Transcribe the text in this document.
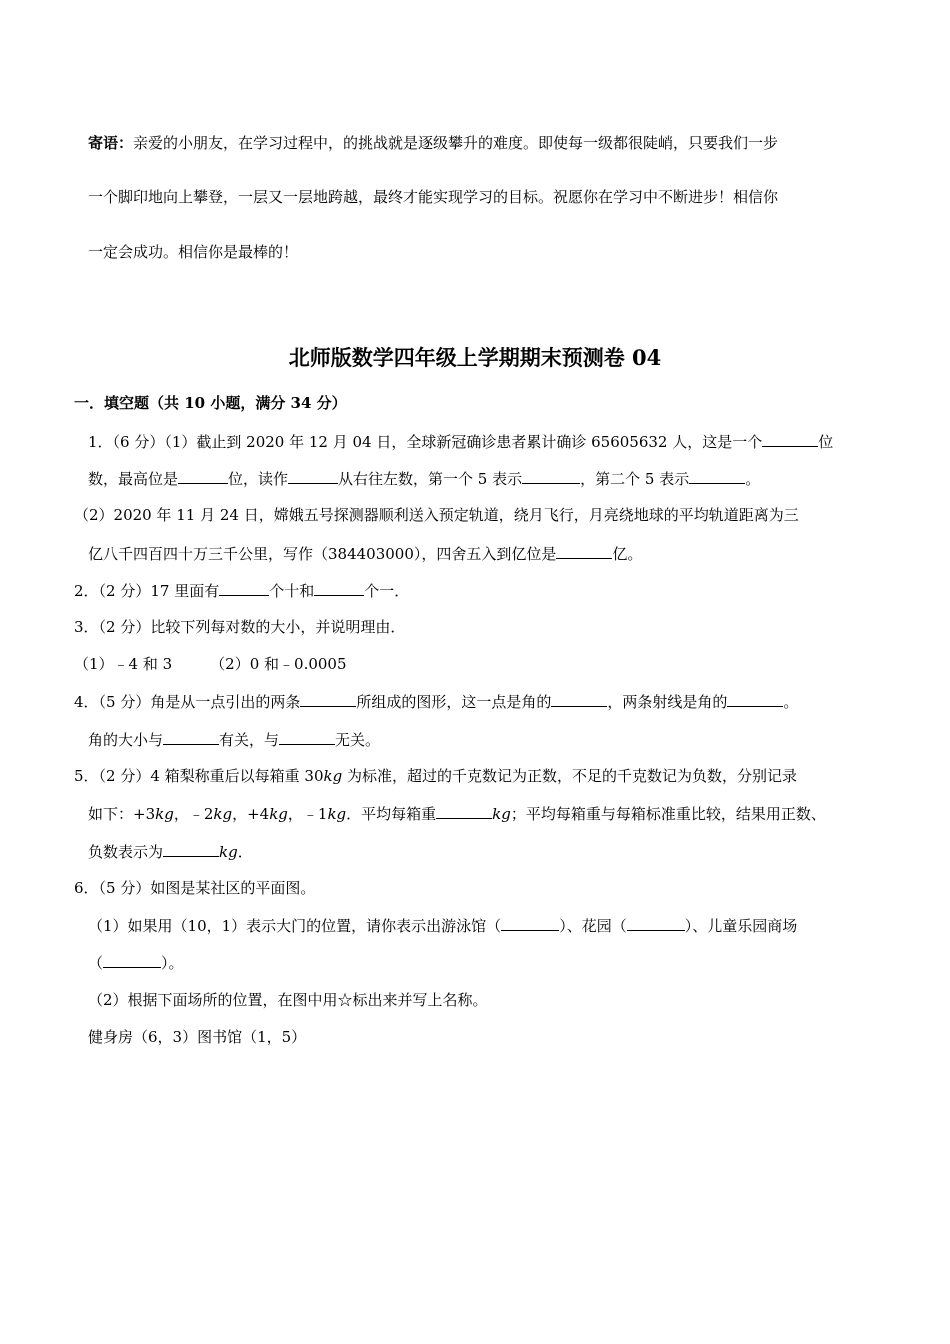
寄语：亲爱的小朋友，在学习过程中，的挑战就是逐级攀升的难度。即使每一级都很陡峭，只要我们一步
一个脚印地向上攀登，一层又一层地跨越，最终才能实现学习的目标。祝愿你在学习中不断进步！相信你
一定会成功。相信你是最棒的！
北师版数学四年级上学期期末预测卷 04
一．填空题（共 10 小题，满分 34 分）
1．（6 分）（1）截止到 2020 年 12 月 04 日，全球新冠确诊患者累计确诊 65605632 人，这是一个	位
数，最高位是	位，读作	从右往左数，第一个 5 表示	，第二个 5 表示	。
（2）2020 年 11 月 24 日，嫦娥五号探测器顺利送入预定轨道，绕月飞行，月亮绕地球的平均轨道距离为三
亿八千四百四十万三千公里，写作（384403000），四舍五入到亿位是	亿。
2．（2 分）17 里面有	个十和	个一．
3．（2 分）比较下列每对数的大小，并说明理由．
（1）﹣4 和 3	（2）0 和﹣0.0005
4．（5 分）角是从一点引出的两条	所组成的图形，这一点是角的	，两条射线是角的	。
角的大小与	有关，与	无关。
5．（2 分）4 箱梨称重后以每箱重 30kg 为标准，超过的千克数记为正数，不足的千克数记为负数，分别记录
如下：+3kg，﹣2kg，+4kg，﹣1kg．平均每箱重	kg；平均每箱重与每箱标准重比较，结果用正数、
负数表示为	kg．
6．（5 分）如图是某社区的平面图。
（1）如果用（10，1）表示大门的位置，请你表示出游泳馆（	）、花园（	）、儿童乐园商场
（	）。
（2）根据下面场所的位置，在图中用☆标出来并写上名称。
健身房（6，3）图书馆（1，5）
